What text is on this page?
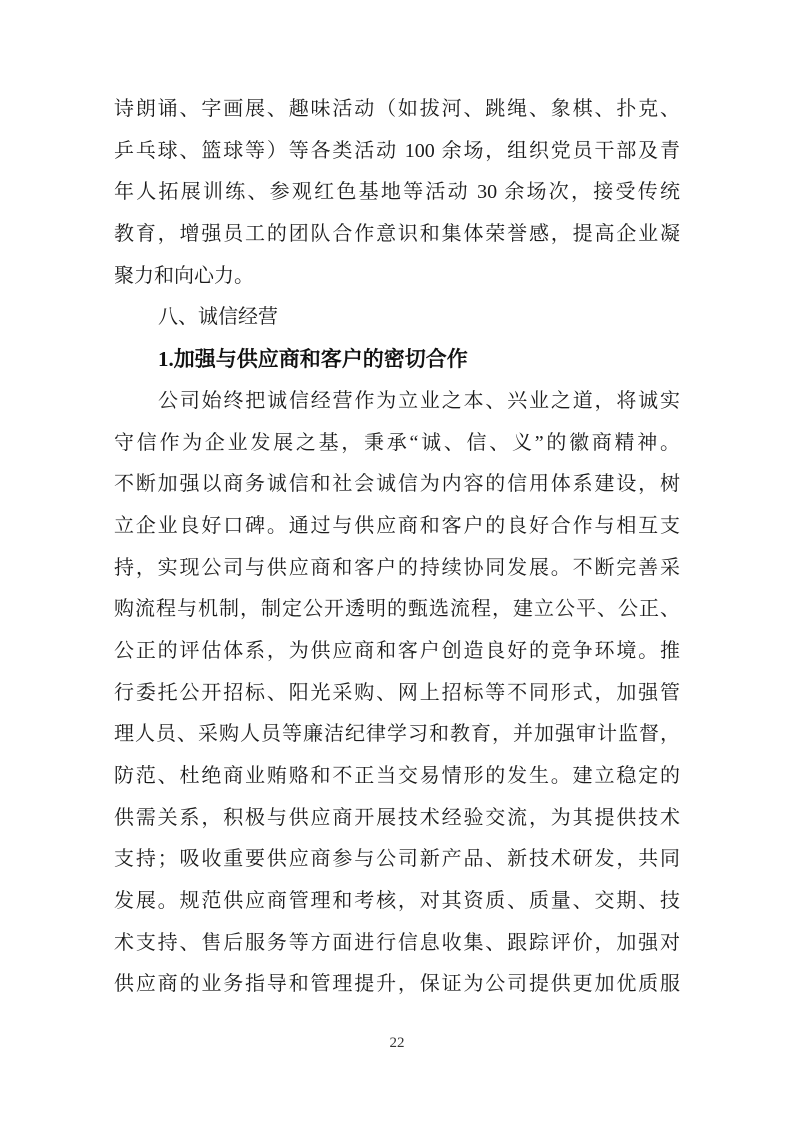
诗朗诵、字画展、趣味活动（如拔河、跳绳、象棋、扑克、
乒乓球、篮球等）等各类活动 100 余场，组织党员干部及青
年人拓展训练、参观红色基地等活动 30 余场次，接受传统
教育，增强员工的团队合作意识和集体荣誉感，提高企业凝
聚力和向心力。
八、诚信经营
1.加强与供应商和客户的密切合作
公司始终把诚信经营作为立业之本、兴业之道，将诚实
守信作为企业发展之基，秉承“诚、信、义”的徽商精神。
不断加强以商务诚信和社会诚信为内容的信用体系建设，树
立企业良好口碑。通过与供应商和客户的良好合作与相互支
持，实现公司与供应商和客户的持续协同发展。不断完善采
购流程与机制，制定公开透明的甄选流程，建立公平、公正、
公正的评估体系，为供应商和客户创造良好的竞争环境。推
行委托公开招标、阳光采购、网上招标等不同形式，加强管
理人员、采购人员等廉洁纪律学习和教育，并加强审计监督，
防范、杜绝商业贿赂和不正当交易情形的发生。建立稳定的
供需关系，积极与供应商开展技术经验交流，为其提供技术
支持；吸收重要供应商参与公司新产品、新技术研发，共同
发展。规范供应商管理和考核，对其资质、质量、交期、技
术支持、售后服务等方面进行信息收集、跟踪评价，加强对
供应商的业务指导和管理提升，保证为公司提供更加优质服
22
